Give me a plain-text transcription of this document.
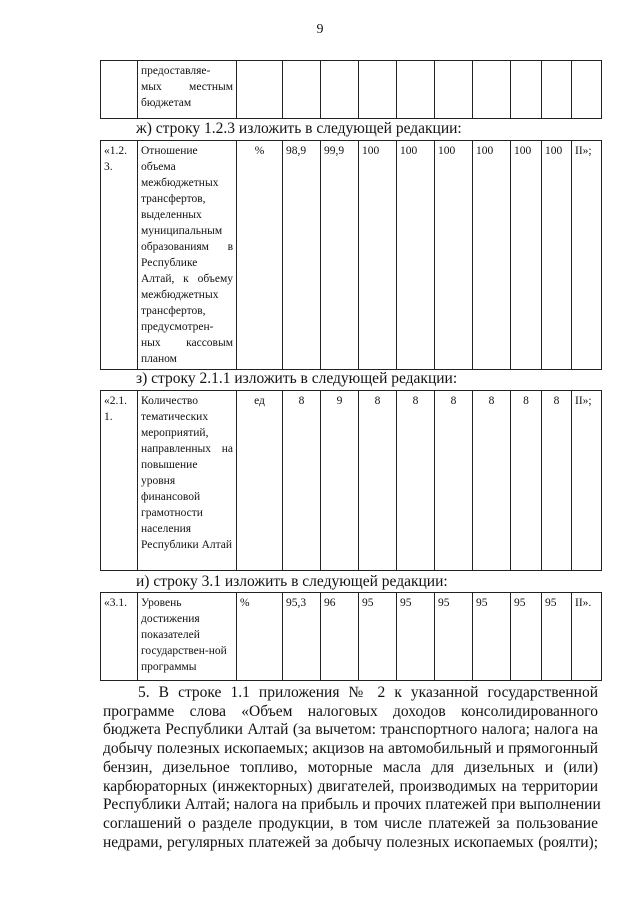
9

предоставляе-
мых местным
бюджетам

ж) строку 1.2.3 изложить в следующей редакции:
«1.2. 3.	Отношение объема межбюджетных трансфертов, выделенных муниципальным образованиям в Республике Алтай, к объему межбюджетных трансфертов, предусмотрен-ных кассовым планом	%	98,9	99,9	100	100	100	100	100	100	II»;
з) строку 2.1.1 изложить в следующей редакции:
«2.1. 1.	Количество тематических мероприятий, направленных на повышение уровня финансовой грамотности населения Республики Алтай	ед	8	9	8	8	8	8	8	8	II»;
и) строку 3.1 изложить в следующей редакции:
«3.1.	Уровень достижения показателей государствен-ной программы	%	95,3	96	95	95	95	95	95	95	II».
5. В строке 1.1 приложения № 2 к указанной государственной
программе слова «Объем налоговых доходов консолидированного
бюджета Республики Алтай (за вычетом: транспортного налога; налога на
добычу полезных ископаемых; акцизов на автомобильный и прямогонный
бензин, дизельное топливо, моторные масла для дизельных и (или)
карбюраторных (инжекторных) двигателей, производимых на территории
Республики Алтай; налога на прибыль и прочих платежей при выполнении
соглашений о разделе продукции, в том числе платежей за пользование
недрами, регулярных платежей за добычу полезных ископаемых (роялти);
